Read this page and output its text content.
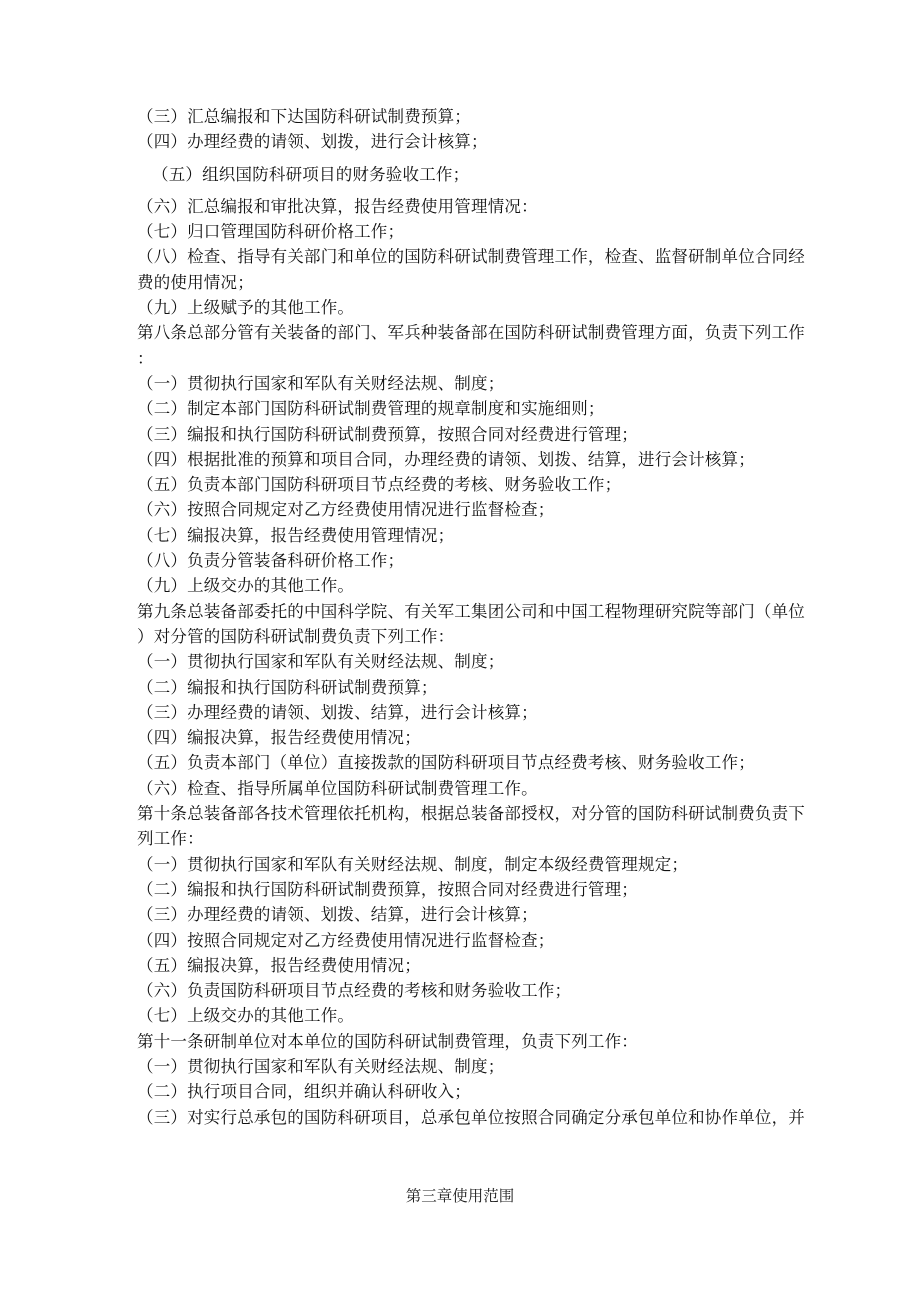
（三）汇总编报和下达国防科研试制费预算；
（四）办理经费的请领、划拨，进行会计核算；
（五）组织国防科研项目的财务验收工作；
（六）汇总编报和审批决算，报告经费使用管理情况：
（七）归口管理国防科研价格工作；
（八）检查、指导有关部门和单位的国防科研试制费管理工作，检查、监督研制单位合同经
费的使用情况；
（九）上级赋予的其他工作。
第八条总部分管有关装备的部门、军兵种装备部在国防科研试制费管理方面，负责下列工作
：
（一）贯彻执行国家和军队有关财经法规、制度；
（二）制定本部门国防科研试制费管理的规章制度和实施细则；
（三）编报和执行国防科研试制费预算，按照合同对经费进行管理；
（四）根据批准的预算和项目合同，办理经费的请领、划拨、结算，进行会计核算；
（五）负责本部门国防科研项目节点经费的考核、财务验收工作；
（六）按照合同规定对乙方经费使用情况进行监督检查；
（七）编报决算，报告经费使用管理情况；
（八）负责分管装备科研价格工作；
（九）上级交办的其他工作。
第九条总装备部委托的中国科学院、有关军工集团公司和中国工程物理研究院等部门（单位
）对分管的国防科研试制费负责下列工作：
（一）贯彻执行国家和军队有关财经法规、制度；
（二）编报和执行国防科研试制费预算；
（三）办理经费的请领、划拨、结算，进行会计核算；
（四）编报决算，报告经费使用情况；
（五）负责本部门（单位）直接拨款的国防科研项目节点经费考核、财务验收工作；
（六）检查、指导所属单位国防科研试制费管理工作。
第十条总装备部各技术管理依托机构，根据总装备部授权，对分管的国防科研试制费负责下
列工作：
（一）贯彻执行国家和军队有关财经法规、制度，制定本级经费管理规定；
（二）编报和执行国防科研试制费预算，按照合同对经费进行管理；
（三）办理经费的请领、划拨、结算，进行会计核算；
（四）按照合同规定对乙方经费使用情况进行监督检查；
（五）编报决算，报告经费使用情况；
（六）负责国防科研项目节点经费的考核和财务验收工作；
（七）上级交办的其他工作。
第十一条研制单位对本单位的国防科研试制费管理，负责下列工作：
（一）贯彻执行国家和军队有关财经法规、制度；
（二）执行项目合同，组织并确认科研收入；
（三）对实行总承包的国防科研项目，总承包单位按照合同确定分承包单位和协作单位，并
第三章使用范围
